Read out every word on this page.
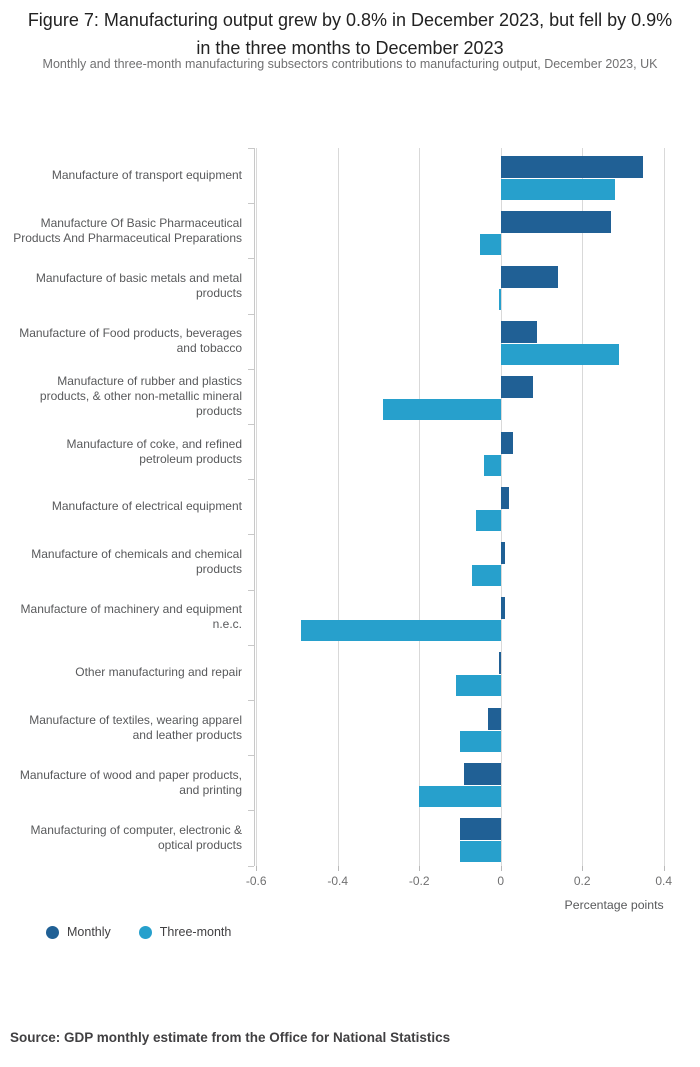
Figure 7: Manufacturing output grew by 0.8% in December 2023, but fell by 0.9% in the three months to December 2023
Monthly and three-month manufacturing subsectors contributions to manufacturing output, December 2023, UK
Manufacture of transport equipment
Manufacture Of Basic Pharmaceutical Products And Pharmaceutical Preparations
Manufacture of basic metals and metal products
Manufacture of Food products, beverages and tobacco
Manufacture of rubber and plastics products, & other non-metallic mineral products
Manufacture of coke, and refined petroleum products
Manufacture of electrical equipment
Manufacture of chemicals and chemical products
Manufacture of machinery and equipment n.e.c.
Other manufacturing and repair
Manufacture of textiles, wearing apparel and leather products
Manufacture of wood and paper products, and printing
Manufacturing of computer, electronic & optical products
-0.6	-0.4	-0.2	0	0.2	0.4
Percentage points
Monthly	Three-month
Source: GDP monthly estimate from the Office for National Statistics
